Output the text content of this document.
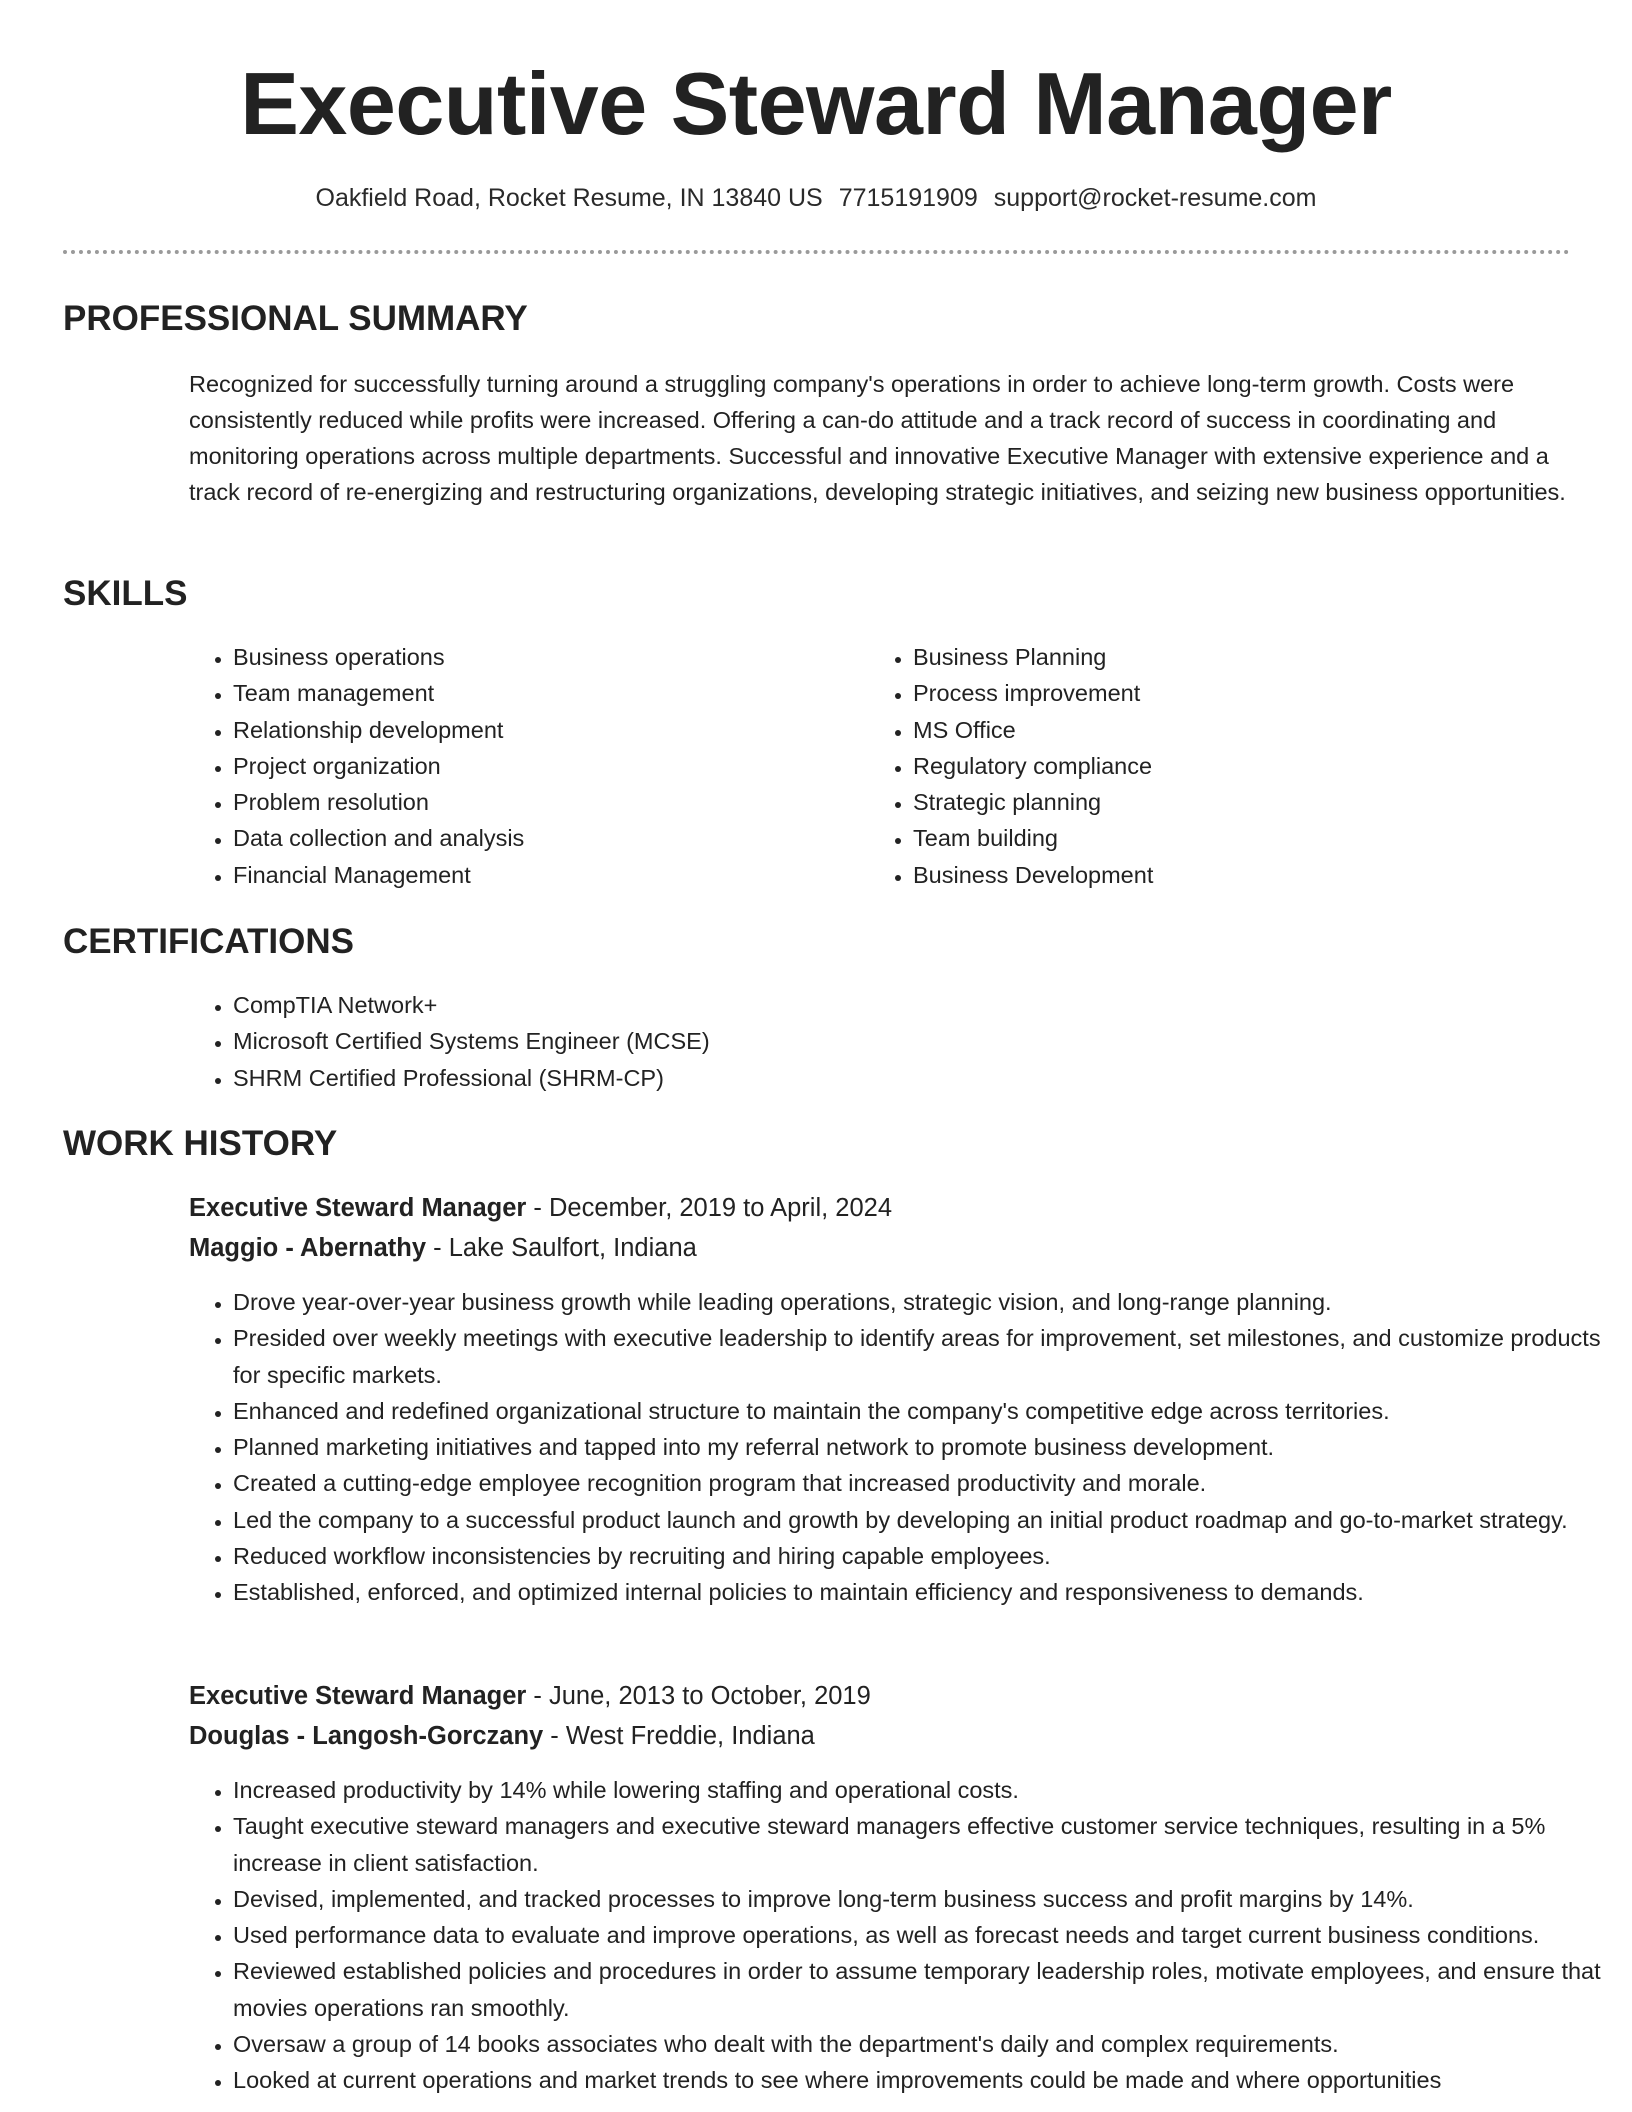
Executive Steward Manager
Oakfield Road, Rocket Resume, IN 13840 US 7715191909 support@rocket-resume.com
PROFESSIONAL SUMMARY

Recognized for successfully turning around a struggling company's operations in order to achieve long-term growth. Costs were consistently reduced while profits were increased. Offering a can-do attitude and a track record of success in coordinating and monitoring operations across multiple departments. Successful and innovative Executive Manager with extensive experience and a track record of re-energizing and restructuring organizations, developing strategic initiatives, and seizing new business opportunities.

SKILLS
• Business operations
• Team management
• Relationship development
• Project organization
• Problem resolution
• Data collection and analysis
• Financial Management
• Business Planning
• Process improvement
• MS Office
• Regulatory compliance
• Strategic planning
• Team building
• Business Development
CERTIFICATIONS
• CompTIA Network+
• Microsoft Certified Systems Engineer (MCSE)
• SHRM Certified Professional (SHRM-CP)
WORK HISTORY
Executive Steward Manager - December, 2019 to April, 2024
Maggio - Abernathy - Lake Saulfort, Indiana
• Drove year-over-year business growth while leading operations, strategic vision, and long-range planning.
• Presided over weekly meetings with executive leadership to identify areas for improvement, set milestones, and customize products for specific markets.
• Enhanced and redefined organizational structure to maintain the company's competitive edge across territories.
• Planned marketing initiatives and tapped into my referral network to promote business development.
• Created a cutting-edge employee recognition program that increased productivity and morale.
• Led the company to a successful product launch and growth by developing an initial product roadmap and go-to-market strategy.
• Reduced workflow inconsistencies by recruiting and hiring capable employees.
• Established, enforced, and optimized internal policies to maintain efficiency and responsiveness to demands.
Executive Steward Manager - June, 2013 to October, 2019
Douglas - Langosh-Gorczany - West Freddie, Indiana
• Increased productivity by 14% while lowering staffing and operational costs.
• Taught executive steward managers and executive steward managers effective customer service techniques, resulting in a 5% increase in client satisfaction.
• Devised, implemented, and tracked processes to improve long-term business success and profit margins by 14%.
• Used performance data to evaluate and improve operations, as well as forecast needs and target current business conditions.
• Reviewed established policies and procedures in order to assume temporary leadership roles, motivate employees, and ensure that movies operations ran smoothly.
• Oversaw a group of 14 books associates who dealt with the department's daily and complex requirements.
• Looked at current operations and market trends to see where improvements could be made and where opportunities
